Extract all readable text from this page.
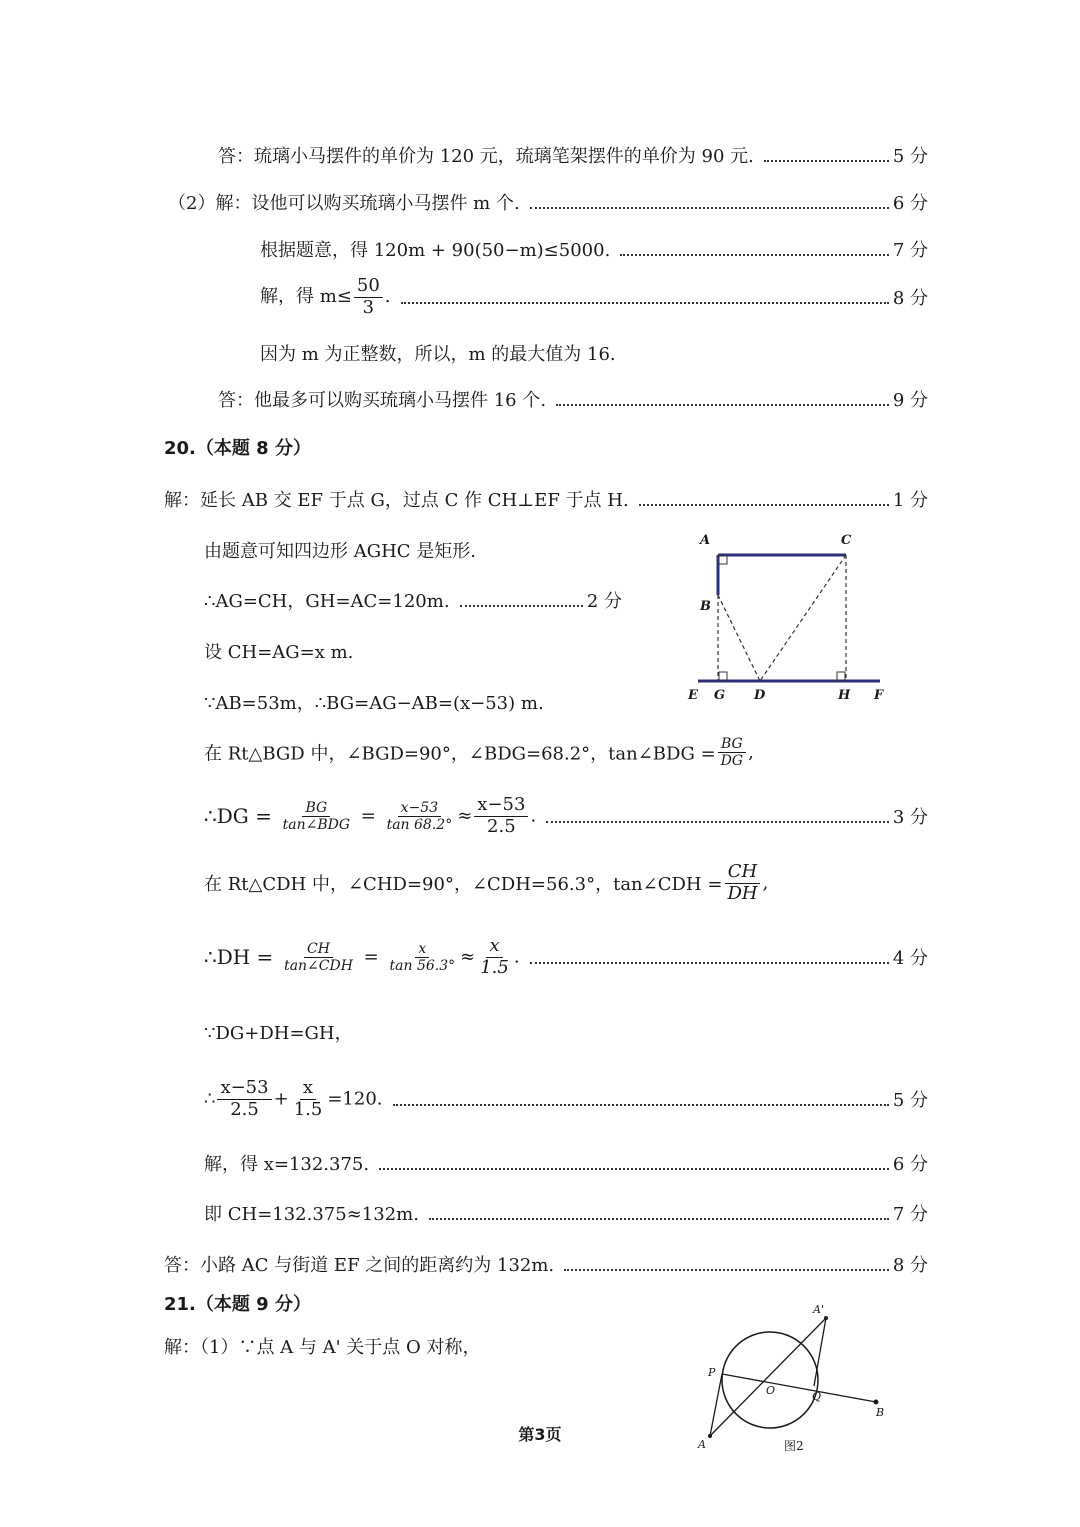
答：琉璃小马摆件的单价为 120 元，琉璃笔架摆件的单价为 90 元.	5 分
（2）解：设他可以购买琉璃小马摆件 m 个.	6 分
根据题意，得 120m + 90(50−m)≤5000.	7 分
解，得 $m\le \frac{50}{3}$ .	8 分
因为 m 为正整数，所以，m 的最大值为 16.
答：他最多可以购买琉璃小马摆件 16 个.	9 分
20.（本题 8 分）
解：延长 AB 交 EF 于点 G，过点 C 作 CH⊥EF 于点 H.	1 分
由题意可知四边形 AGHC 是矩形.
∴AG=CH，GH=AC=120m.	2 分
设 CH=AG=x m.
∵AB=53m，∴BG=AG−AB=(x−53) m.
在 Rt△BGD 中，∠BGD=90°，∠BDG=68.2°，tan∠BDG = $\frac{BG}{DG}$ ,
∴DG = $\frac{BG}{\text{tan∠BDG}} = \frac{x-53}{\tan 68.2^\circ} \approx \frac{x-53}{2.5}$ .	3 分
在 Rt△CDH 中，∠CHD=90°，∠CDH=56.3°，tan∠CDH = $\frac{CH}{DH}$ ,
∴DH = $\frac{CH}{\text{tan∠CDH}} = \frac{x}{\tan 56.3^\circ} \approx \frac{x}{1.5}$ .	4 分
∵DG+DH=GH，
∴ $\frac{x-53}{2.5} + \frac{x}{1.5} =120$.	5 分
解，得 x=132.375.	6 分
即 CH=132.375≈132m.	7 分
答：小路 AC 与街道 EF 之间的距离约为 132m.	8 分
21.（本题 9 分）
解：（1）∵点 A 与 A' 关于点 O 对称，
A	C
B
E G D	H F
A'
P
O	Q
B
A	图2
第3页
